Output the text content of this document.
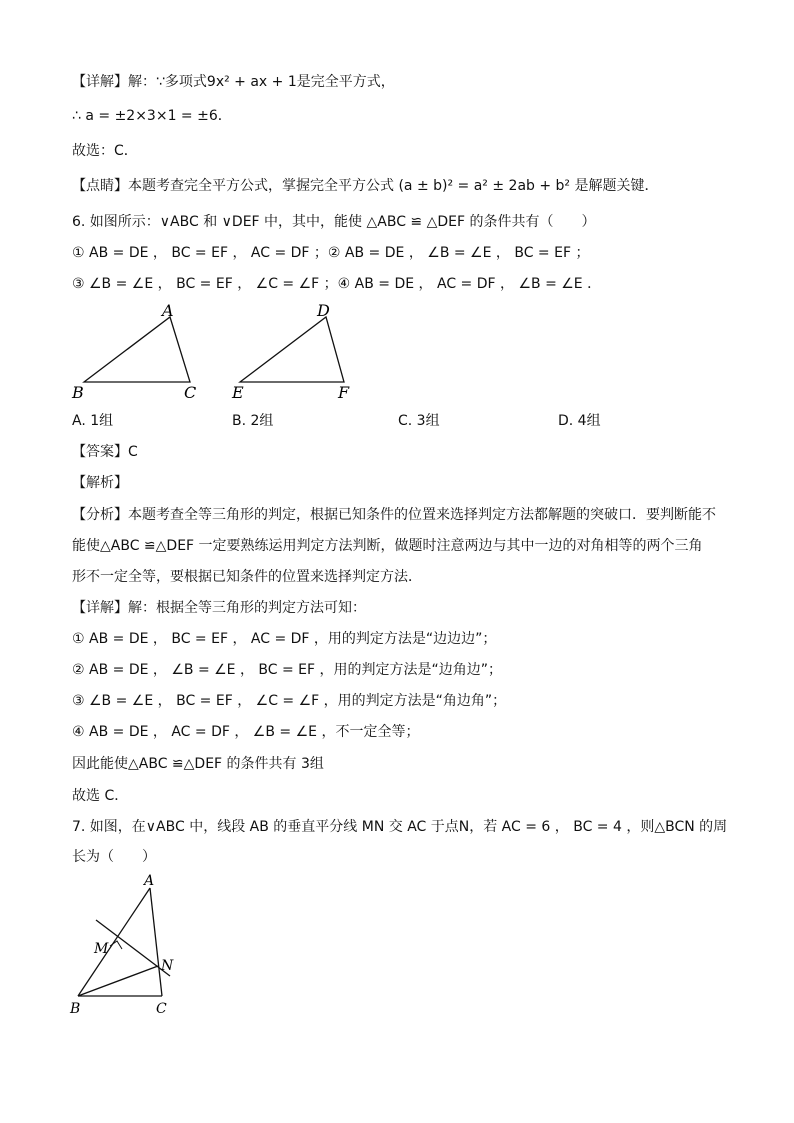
【详解】解：∵多项式9x² + ax + 1是完全平方式，
∴ a = ±2×3×1 = ±6．
故选：C．
【点睛】本题考查完全平方公式，掌握完全平方公式 (a ± b)² = a² ± 2ab + b² 是解题关键．
6. 如图所示：∨ABC 和 ∨DEF 中，其中，能使 △ABC ≌ △DEF 的条件共有（　　）
① AB = DE ， BC = EF ， AC = DF ；② AB = DE ， ∠B = ∠E ， BC = EF ；
③ ∠B = ∠E ， BC = EF ， ∠C = ∠F ；④ AB = DE ， AC = DF ， ∠B = ∠E ．
A
B	C
D
E	F
A. 1组	B. 2组	C. 3组	D. 4组
【答案】C
【解析】
【分析】本题考查全等三角形的判定，根据已知条件的位置来选择判定方法都解题的突破口．要判断能不
能使△ABC ≌△DEF 一定要熟练运用判定方法判断，做题时注意两边与其中一边的对角相等的两个三角
形不一定全等，要根据已知条件的位置来选择判定方法．
【详解】解：根据全等三角形的判定方法可知：
① AB = DE ， BC = EF ， AC = DF ，用的判定方法是“边边边”；
② AB = DE ， ∠B = ∠E ， BC = EF ，用的判定方法是“边角边”；
③ ∠B = ∠E ， BC = EF ， ∠C = ∠F ，用的判定方法是“角边角”；
④ AB = DE ， AC = DF ， ∠B = ∠E ，不一定全等；
因此能使△ABC ≌△DEF 的条件共有 3组
故选 C．
7. 如图，在∨ABC 中，线段 AB 的垂直平分线 MN 交 AC 于点N，若 AC = 6 ， BC = 4 ，则△BCN 的周
长为（　　）
A
M
N
B	C
